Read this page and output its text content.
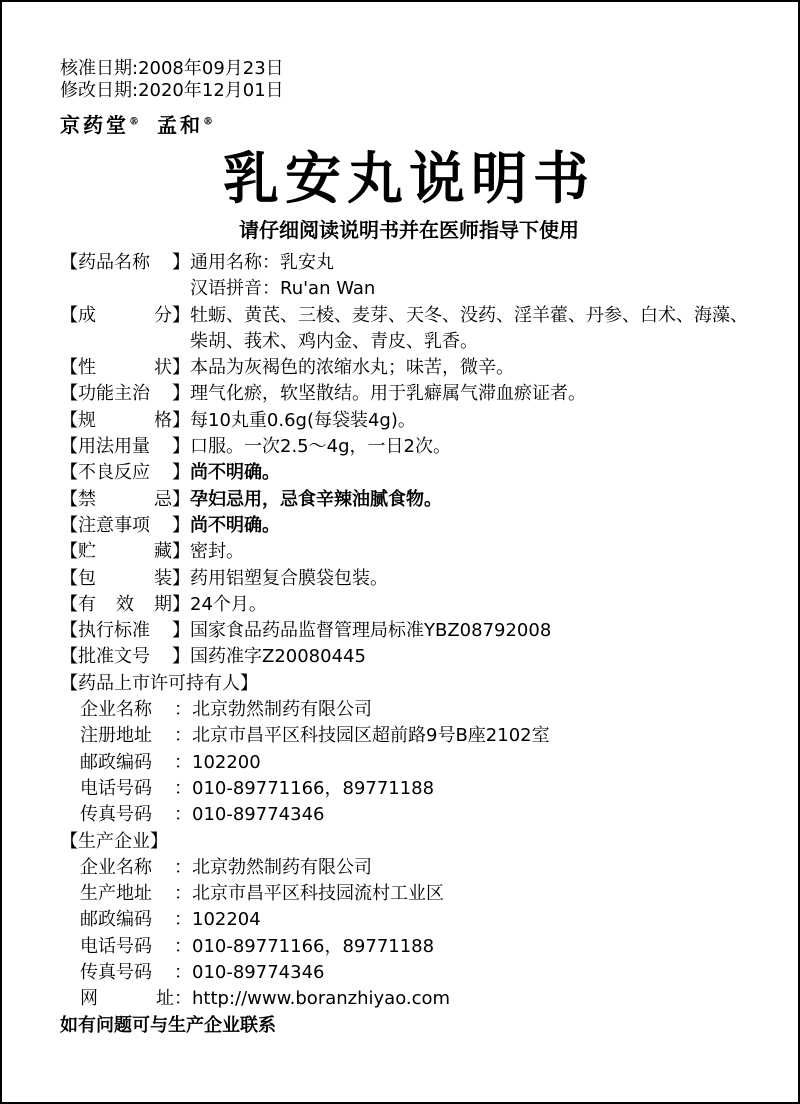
核准日期:2008年09月23日
修改日期:2020年12月01日
京药堂® 孟和®
乳安丸说明书
请仔细阅读说明书并在医师指导下使用
【 药品名称	】 通用名称：乳安丸
汉语拼音：Ru'an Wan
【 成	分 】 牡蛎、黄芪、三棱、麦芽、天冬、没药、淫羊藿、丹参、白术、海藻、柴胡、莪术、鸡内金、青皮、乳香。
【 性	状 】 本品为灰褐色的浓缩水丸；味苦，微辛。
【 功能主治	】 理气化瘀，软坚散结。用于乳癖属气滞血瘀证者。
【 规	格 】 每10丸重0.6g(每袋装4g)。
【 用法用量	】 口服。一次2.5～4g，一日2次。
【 不良反应	】 尚不明确。
【 禁	忌 】 孕妇忌用，忌食辛辣油腻食物。
【 注意事项	】 尚不明确。
【 贮	藏 】 密封。
【 包	装 】 药用铝塑复合膜袋包装。
【 有 效 期 】 24个月。
【 执行标准	】 国家食品药品监督管理局标准YBZ08792008
【 批准文号	】 国药准字Z20080445
【药品上市许可持有人】
企业名称	： 北京勃然制药有限公司
注册地址	： 北京市昌平区科技园区超前路9号B座2102室
邮政编码	： 102200
电话号码	： 010-89771166，89771188
传真号码	： 010-89774346
【生产企业】
企业名称	： 北京勃然制药有限公司
生产地址	： 北京市昌平区科技园流村工业区
邮政编码	： 102204
电话号码	： 010-89771166，89771188
传真号码	： 010-89774346
网	址 ： http://www.boranzhiyao.com
如有问题可与生产企业联系
